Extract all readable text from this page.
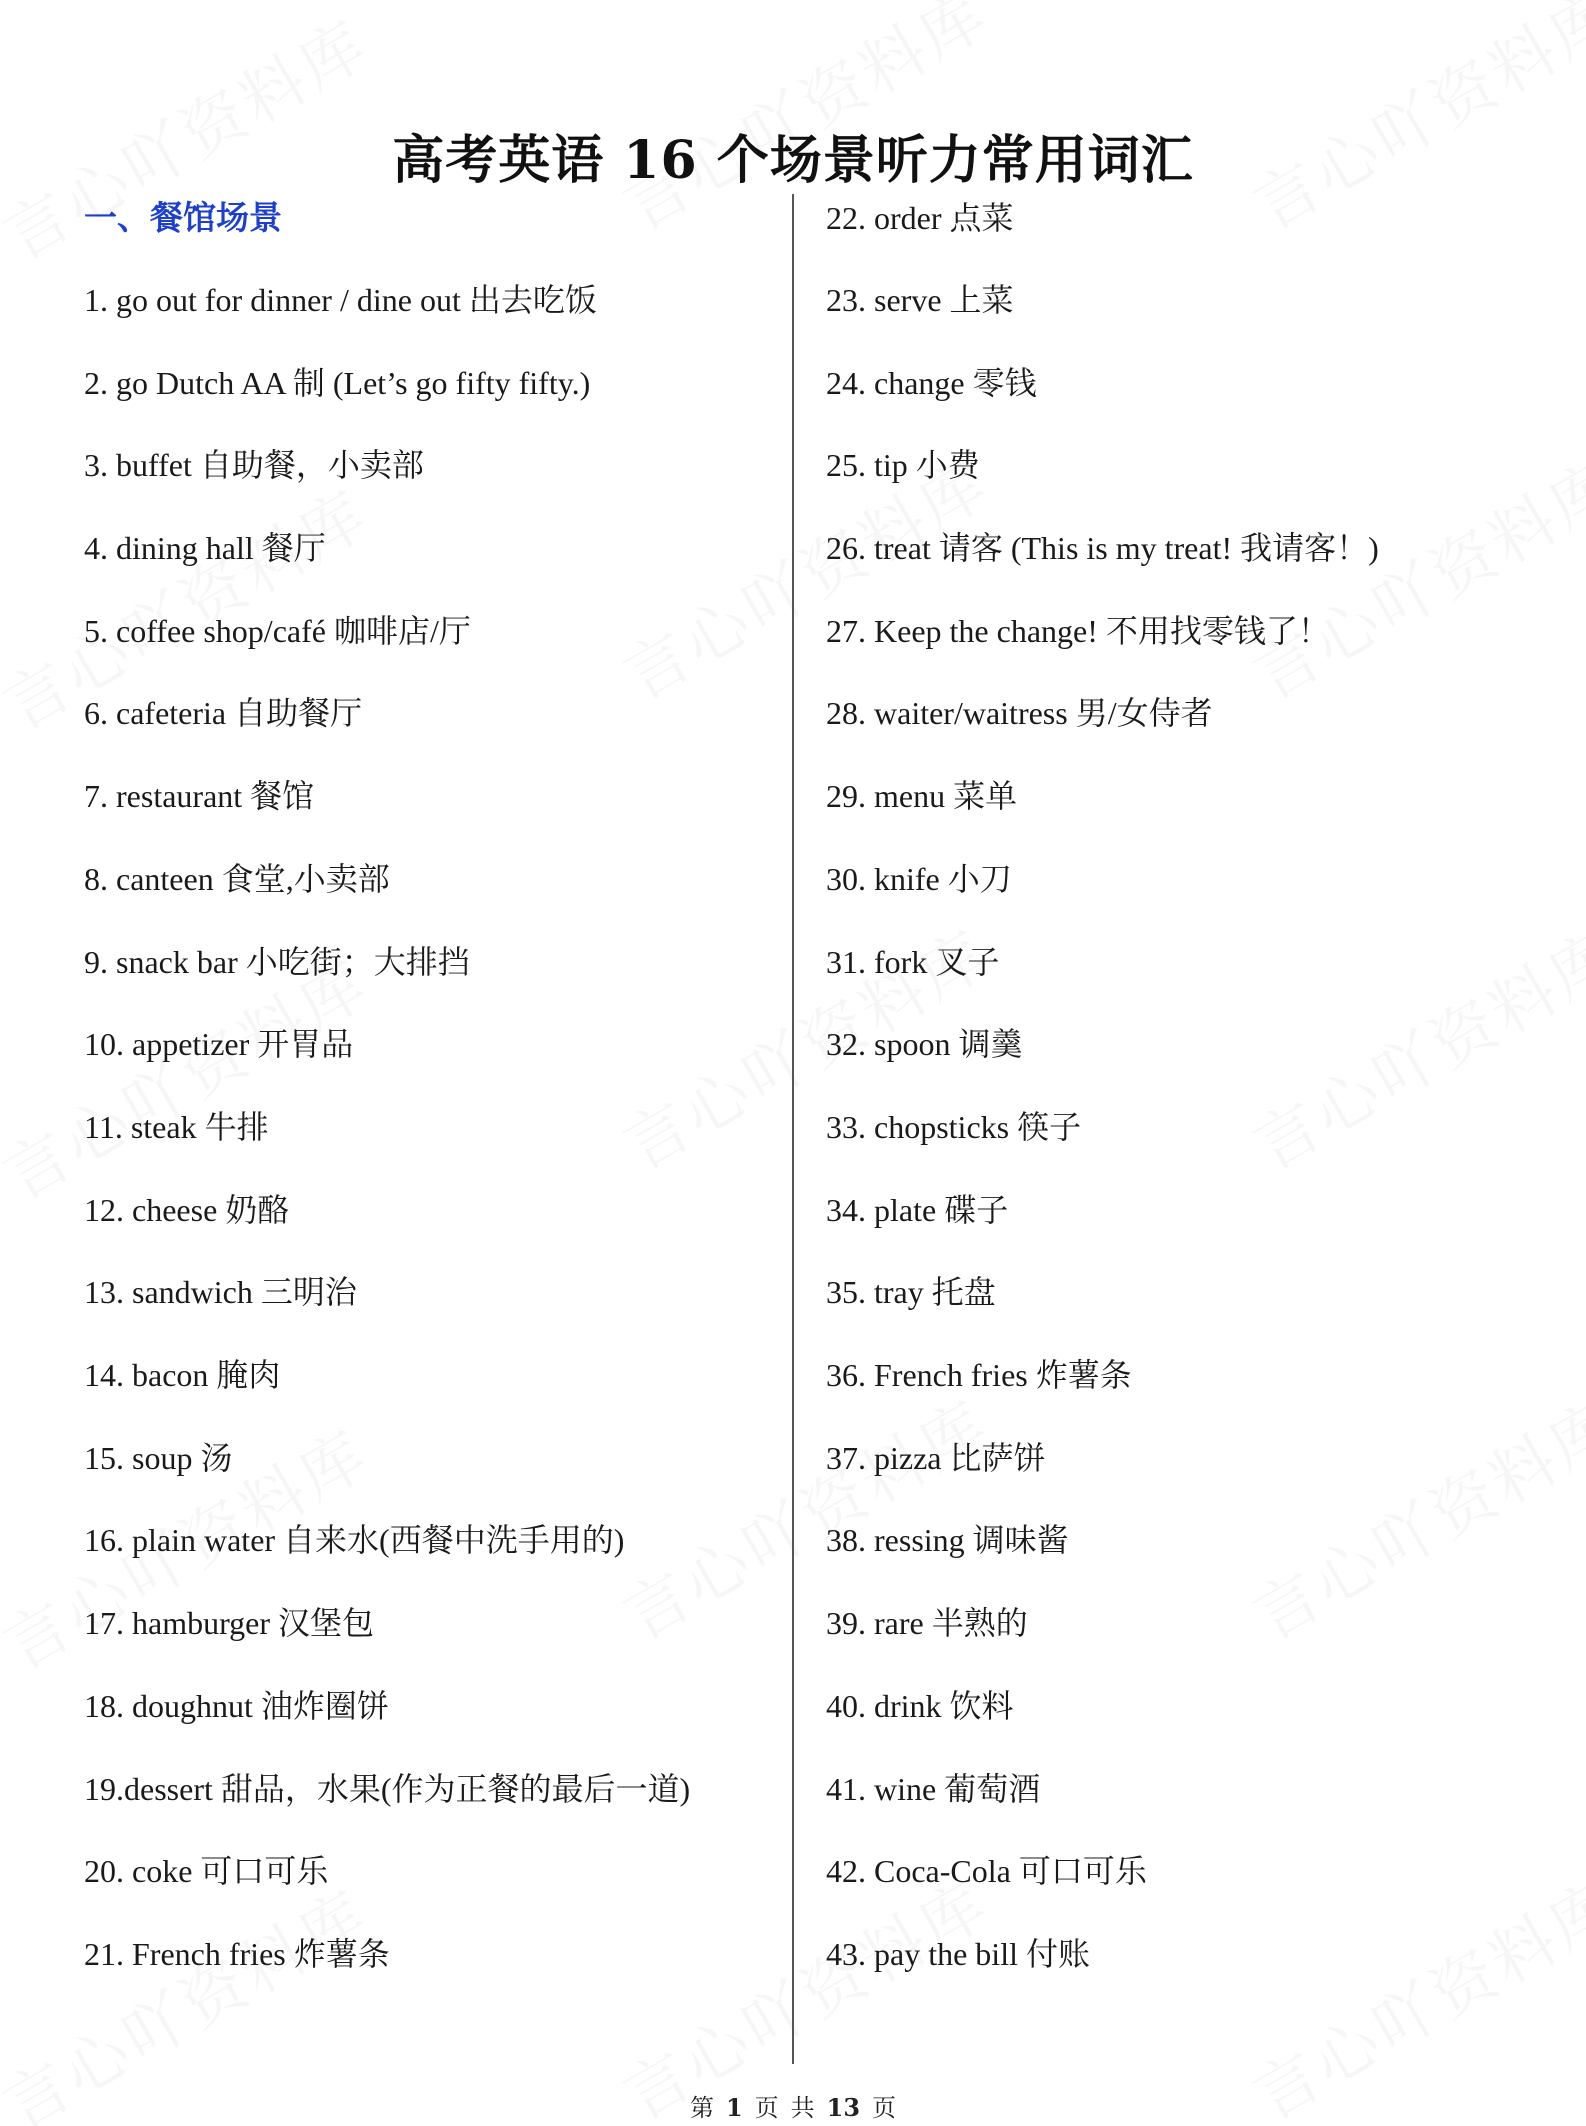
高考英语 16 个场景听力常用词汇
一、餐馆场景
1. go out for dinner / dine out 出去吃饭
2. go Dutch AA 制 (Let’s go fifty fifty.)
3. buffet 自助餐，小卖部
4. dining hall 餐厅
5. coffee shop/café 咖啡店/厅
6. cafeteria 自助餐厅
7. restaurant 餐馆
8. canteen 食堂,小卖部
9. snack bar 小吃街；大排挡
10. appetizer 开胃品
11. steak 牛排
12. cheese 奶酪
13. sandwich 三明治
14. bacon 腌肉
15. soup 汤
16. plain water 自来水(西餐中洗手用的)
17. hamburger 汉堡包
18. doughnut 油炸圈饼
19.dessert 甜品，水果(作为正餐的最后一道)
20. coke 可口可乐
21. French fries 炸薯条
22. order 点菜
23. serve 上菜
24. change 零钱
25. tip 小费
26. treat 请客 (This is my treat! 我请客！)
27. Keep the change! 不用找零钱了！
28. waiter/waitress 男/女侍者
29. menu 菜单
30. knife 小刀
31. fork 叉子
32. spoon 调羹
33. chopsticks 筷子
34. plate 碟子
35. tray 托盘
36. French fries 炸薯条
37. pizza 比萨饼
38. ressing 调味酱
39. rare 半熟的
40. drink 饮料
41. wine 葡萄酒
42. Coca-Cola 可口可乐
43. pay the bill 付账
第 1 页 共 13 页
